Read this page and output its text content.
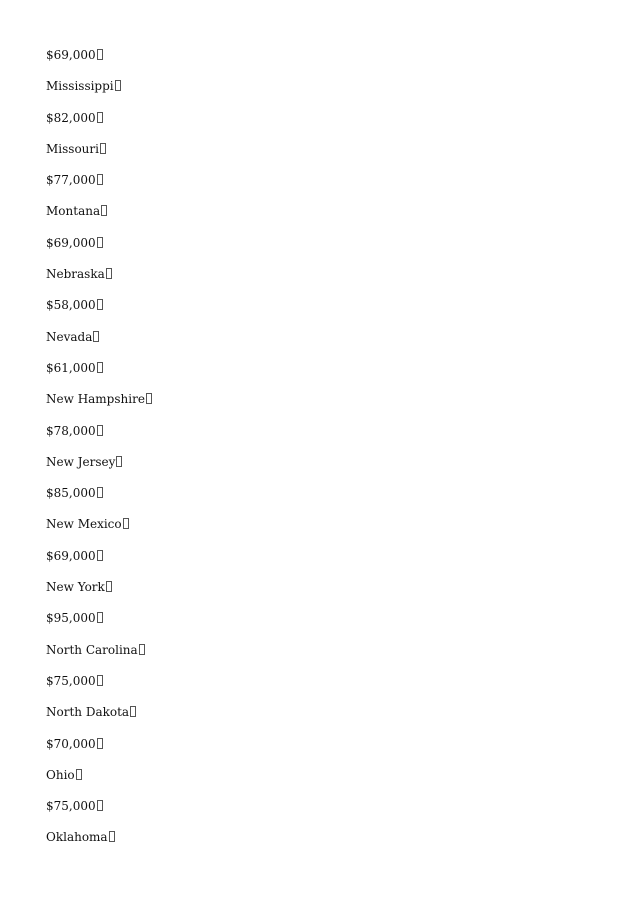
$69,000
Mississippi
$82,000
Missouri
$77,000
Montana
$69,000
Nebraska
$58,000
Nevada
$61,000
New Hampshire
$78,000
New Jersey
$85,000
New Mexico
$69,000
New York
$95,000
North Carolina
$75,000
North Dakota
$70,000
Ohio
$75,000
Oklahoma
